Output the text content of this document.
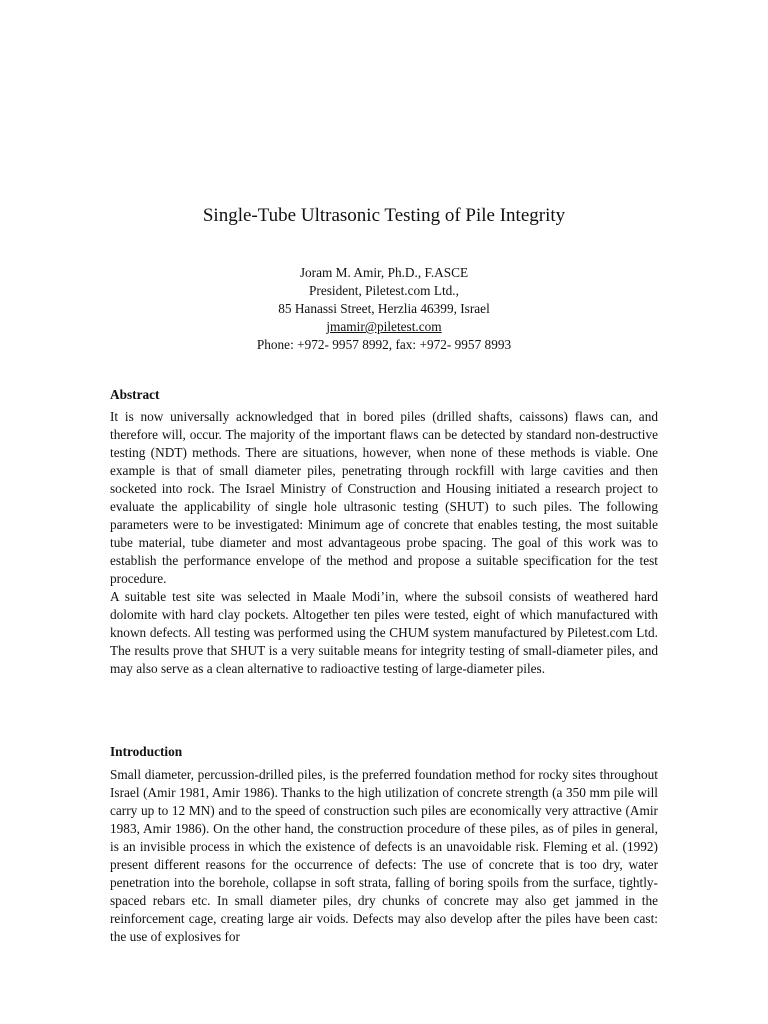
Single-Tube Ultrasonic Testing of Pile Integrity
Joram M. Amir, Ph.D., F.ASCE
President, Piletest.com Ltd.,
85 Hanassi Street, Herzlia 46399, Israel
jmamir@piletest.com
Phone: +972- 9957 8992, fax: +972- 9957 8993

Abstract

It is now universally acknowledged that in bored piles (drilled shafts, caissons) flaws can, and therefore will, occur. The majority of the important flaws can be detected by standard non-destructive testing (NDT) methods. There are situations, however, when none of these methods is viable. One example is that of small diameter piles, penetrating through rockfill with large cavities and then socketed into rock. The Israel Ministry of Construction and Housing initiated a research project to evaluate the applicability of single hole ultrasonic testing (SHUT) to such piles. The following parameters were to be investigated: Minimum age of concrete that enables testing, the most suitable tube material, tube diameter and most advantageous probe spacing. The goal of this work was to establish the performance envelope of the method and propose a suitable specification for the test procedure.

A suitable test site was selected in Maale Modi’in, where the subsoil consists of weathered hard dolomite with hard clay pockets. Altogether ten piles were tested, eight of which manufactured with known defects. All testing was performed using the CHUM system manufactured by Piletest.com Ltd. The results prove that SHUT is a very suitable means for integrity testing of small-diameter piles, and may also serve as a clean alternative to radioactive testing of large-diameter piles.

Introduction

Small diameter, percussion-drilled piles, is the preferred foundation method for rocky sites throughout Israel (Amir 1981, Amir 1986). Thanks to the high utilization of concrete strength (a 350 mm pile will carry up to 12 MN) and to the speed of construction such piles are economically very attractive (Amir 1983, Amir 1986). On the other hand, the construction procedure of these piles, as of piles in general, is an invisible process in which the existence of defects is an unavoidable risk. Fleming et al. (1992) present different reasons for the occurrence of defects: The use of concrete that is too dry, water penetration into the borehole, collapse in soft strata, falling of boring spoils from the surface, tightly-spaced rebars etc. In small diameter piles, dry chunks of concrete may also get jammed in the reinforcement cage, creating large air voids. Defects may also develop after the piles have been cast: the use of explosives for
